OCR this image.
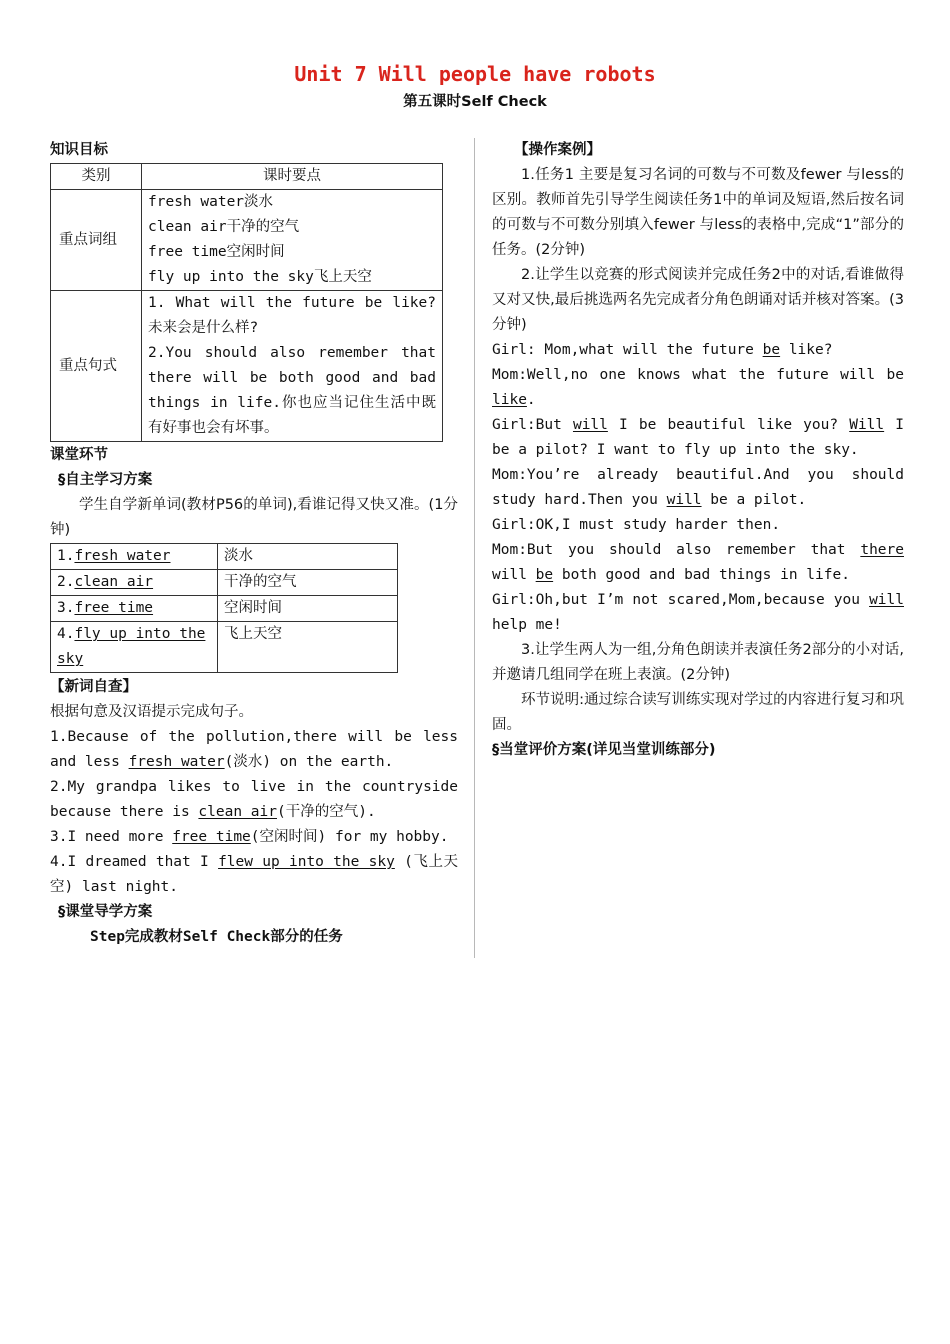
Unit 7 Will people have robots
第五课时Self Check
知识目标
类别	课时要点
重点词组	fresh water淡水
clean air干净的空气
free time空闲时间
fly up into the sky飞上天空

重点句式	1. What will the future be like?未来会是什么样?
2.You should also remember that there will be both good and bad things in life.你也应当记住生活中既有好事也会有坏事。
课堂环节
§自主学习方案
学生自学新单词(教材P56的单词),看谁记得又快又准。(1分钟)
1.fresh water	淡水
2.clean air	干净的空气
3.free time	空闲时间
4.fly up into the sky	飞上天空
【新词自查】
根据句意及汉语提示完成句子。
1.Because of the pollution,there will be less and less fresh water(淡水) on the earth.
2.My grandpa likes to live in the countryside because there is clean air(干净的空气).
3.I need more free time(空闲时间) for my hobby.
4.I dreamed that I flew up into the sky (飞上天空) last night.
§课堂导学方案
Step完成教材Self Check部分的任务
【操作案例】
1.任务1 主要是复习名词的可数与不可数及fewer 与less的区别。教师首先引导学生阅读任务1中的单词及短语,然后按名词的可数与不可数分别填入fewer 与less的表格中,完成“1”部分的任务。(2分钟)
2.让学生以竞赛的形式阅读并完成任务2中的对话,看谁做得又对又快,最后挑选两名先完成者分角色朗诵对话并核对答案。(3分钟)
Girl: Mom,what will the future be like?
Mom:Well,no one knows what the future will be like.
Girl:But will I be beautiful like you? Will I be a pilot? I want to fly up into the sky.
Mom:You’re already beautiful.And you should study hard.Then you will be a pilot.
Girl:OK,I must study harder then.
Mom:But you should also remember that there will be both good and bad things in life.
Girl:Oh,but I’m not scared,Mom,because you will help me!
3.让学生两人为一组,分角色朗读并表演任务2部分的小对话,并邀请几组同学在班上表演。(2分钟)
环节说明:通过综合读写训练实现对学过的内容进行复习和巩固。
§当堂评价方案(详见当堂训练部分)
